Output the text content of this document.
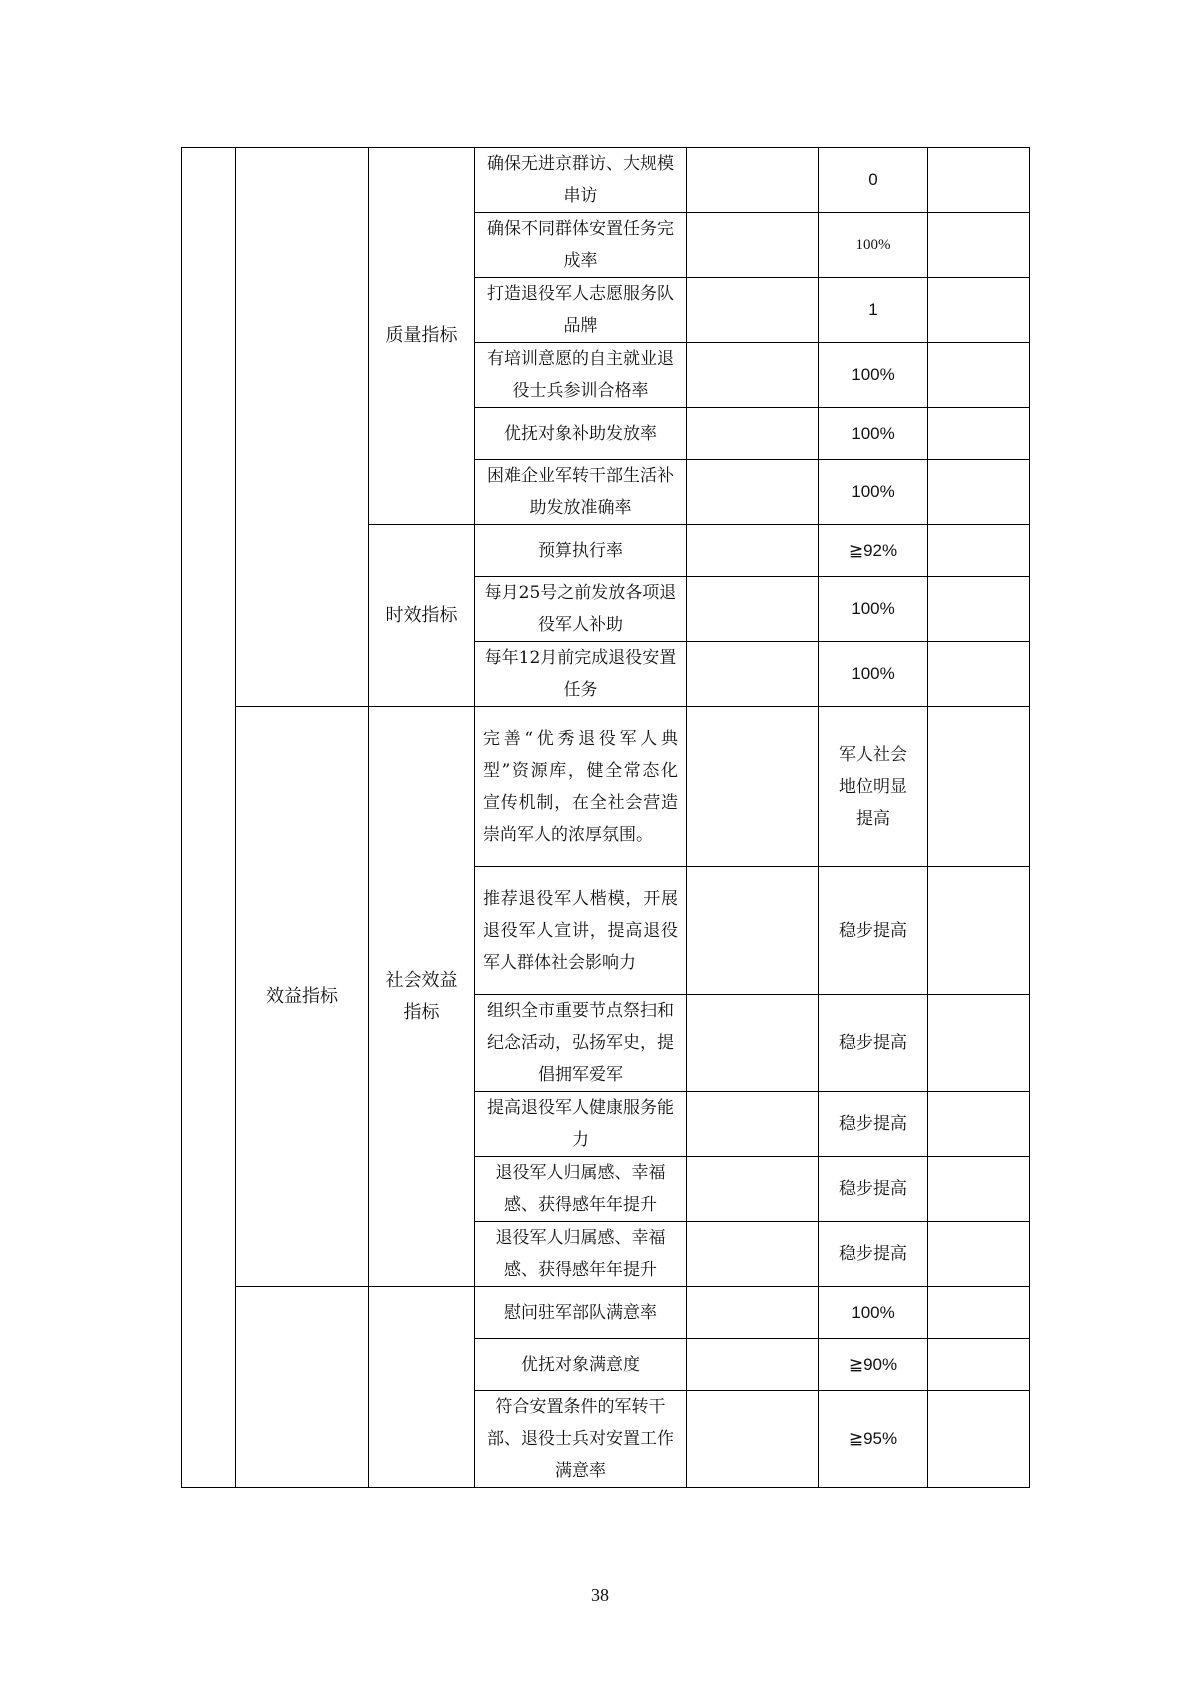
		质量指标	确保无进京群访、大规模串访		0	
			确保不同群体安置任务完成率		100%	
			打造退役军人志愿服务队品牌		1	
			有培训意愿的自主就业退役士兵参训合格率		100%	
			优抚对象补助发放率		100%	
			困难企业军转干部生活补助发放准确率		100%	
		时效指标	预算执行率		≧92%	
			每月25号之前发放各项退役军人补助		100%	
			每年12月前完成退役安置任务		100%	
	效益指标	社会效益指标	完善“优秀退役军人典型”资源库，健全常态化宣传机制，在全社会营造崇尚军人的浓厚氛围。		军人社会地位明显提高	
			推荐退役军人楷模，开展退役军人宣讲，提高退役军人群体社会影响力		稳步提高	
			组织全市重要节点祭扫和纪念活动，弘扬军史，提倡拥军爱军		稳步提高	
			提高退役军人健康服务能力		稳步提高	
			退役军人归属感、幸福感、获得感年年提升		稳步提高	
			退役军人归属感、幸福感、获得感年年提升		稳步提高	
			慰问驻军部队满意率		100%	
			优抚对象满意度		≧90%	
			符合安置条件的军转干部、退役士兵对安置工作满意率		≧95%	
38
